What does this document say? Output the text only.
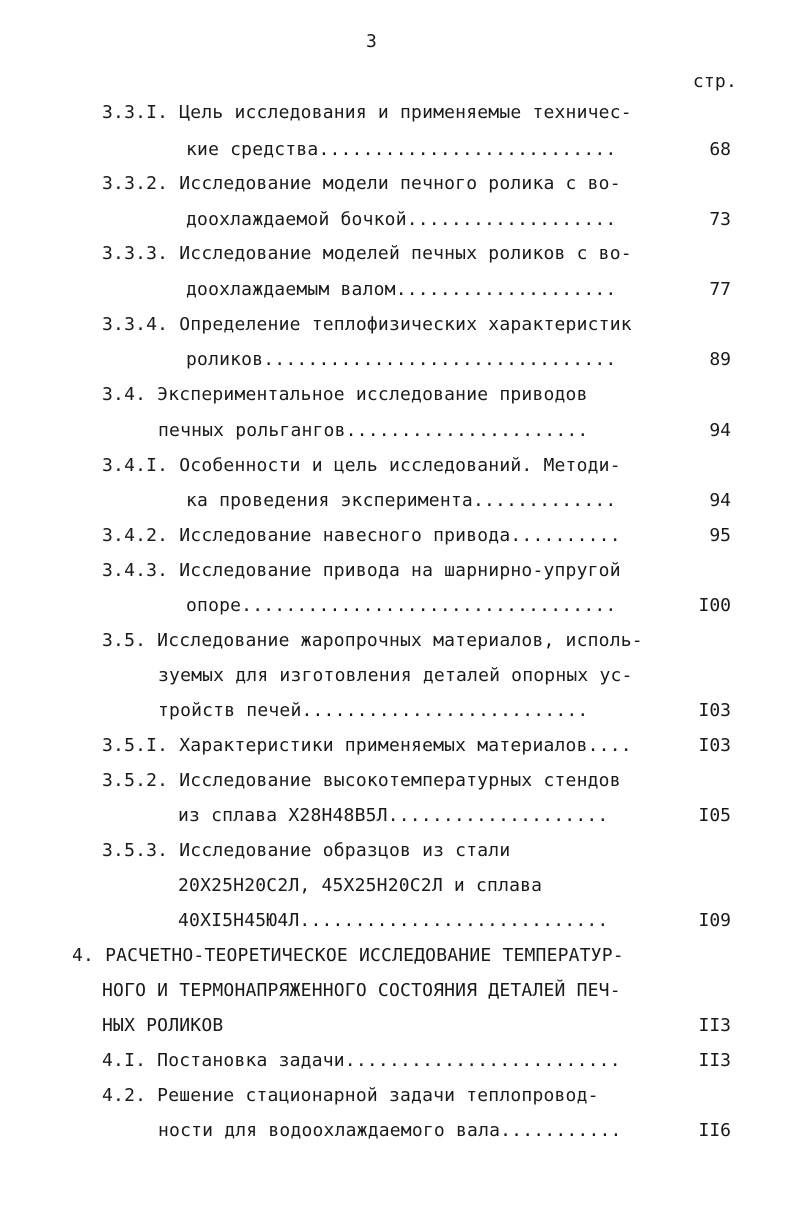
3
стр.
3.3.I. Цель исследования и применяемые техничес-
кие средства...........................	68
3.3.2. Исследование модели печного ролика с во-
доохлаждаемой бочкой...................	73
3.3.3. Исследование моделей печных роликов с во-
доохлаждаемым валом....................	77
3.3.4. Определение теплофизических характеристик
роликов................................	89
3.4. Экспериментальное исследование приводов
печных рольгангов......................	94
3.4.I. Особенности и цель исследований. Методи-
ка проведения эксперимента.............	94
3.4.2. Исследование навесного привода..........	95
3.4.3. Исследование привода на шарнирно-упругой
опоре..................................	I00
3.5. Исследование жаропрочных материалов, исполь-
зуемых для изготовления деталей опорных ус-
тройств печей..........................	I03
3.5.I. Характеристики применяемых материалов....	I03
3.5.2. Исследование высокотемпературных стендов
из сплава Х28Н48В5Л....................	I05
3.5.3. Исследование образцов из стали
20Х25Н20С2Л, 45Х25Н20С2Л и сплава
40ХI5Н45Ю4Л............................	I09
4. РАСЧЕТНО-ТЕОРЕТИЧЕСКОЕ ИССЛЕДОВАНИЕ ТЕМПЕРАТУР-
НОГО И ТЕРМОНАПРЯЖЕННОГО СОСТОЯНИЯ ДЕТАЛЕЙ ПЕЧ-
НЫХ РОЛИКОВ	II3
4.I. Постановка задачи.........................	II3
4.2. Решение стационарной задачи теплопровод-
ности для водоохлаждаемого вала...........	II6
